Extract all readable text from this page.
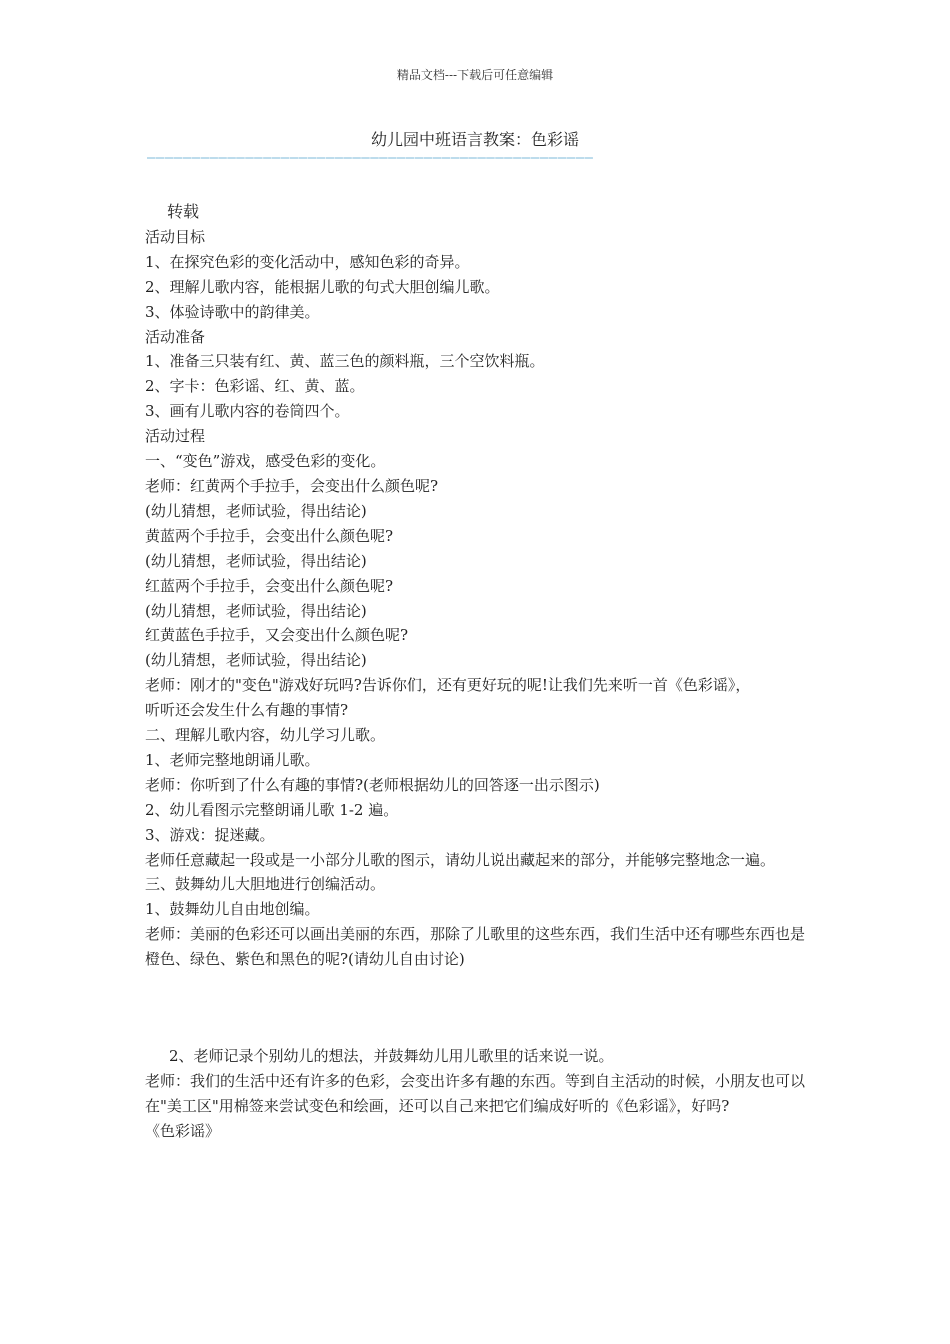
精品文档---下载后可任意编辑
幼儿园中班语言教案：色彩谣
——————————————————————————————————————————————————

转载

活动目标

1、在探究色彩的变化活动中，感知色彩的奇异。

2、理解儿歌内容，能根据儿歌的句式大胆创编儿歌。

3、体验诗歌中的韵律美。

活动准备

1、准备三只装有红、黄、蓝三色的颜料瓶，三个空饮料瓶。

2、字卡：色彩谣、红、黄、蓝。

3、画有儿歌内容的卷筒四个。

活动过程

一、“变色”游戏，感受色彩的变化。

老师：红黄两个手拉手，会变出什么颜色呢?

(幼儿猜想，老师试验，得出结论)

黄蓝两个手拉手，会变出什么颜色呢?

(幼儿猜想，老师试验，得出结论)

红蓝两个手拉手，会变出什么颜色呢?

(幼儿猜想，老师试验，得出结论)

红黄蓝色手拉手，又会变出什么颜色呢?

(幼儿猜想，老师试验，得出结论)

老师：刚才的"变色"游戏好玩吗?告诉你们，还有更好玩的呢!让我们先来听一首《色彩谣》，

听听还会发生什么有趣的事情?

二、理解儿歌内容，幼儿学习儿歌。

1、老师完整地朗诵儿歌。

老师：你听到了什么有趣的事情?(老师根据幼儿的回答逐一出示图示)

2、幼儿看图示完整朗诵儿歌 1-2 遍。

3、游戏：捉迷藏。

老师任意藏起一段或是一小部分儿歌的图示，请幼儿说出藏起来的部分，并能够完整地念一遍。

三、鼓舞幼儿大胆地进行创编活动。

1、鼓舞幼儿自由地创编。

老师：美丽的色彩还可以画出美丽的东西，那除了儿歌里的这些东西，我们生活中还有哪些东西也是橙色、绿色、紫色和黑色的呢?(请幼儿自由讨论)

2、老师记录个别幼儿的想法，并鼓舞幼儿用儿歌里的话来说一说。

老师：我们的生活中还有许多的色彩，会变出许多有趣的东西。等到自主活动的时候，小朋友也可以在"美工区"用棉签来尝试变色和绘画，还可以自己来把它们编成好听的《色彩谣》，好吗?

《色彩谣》
